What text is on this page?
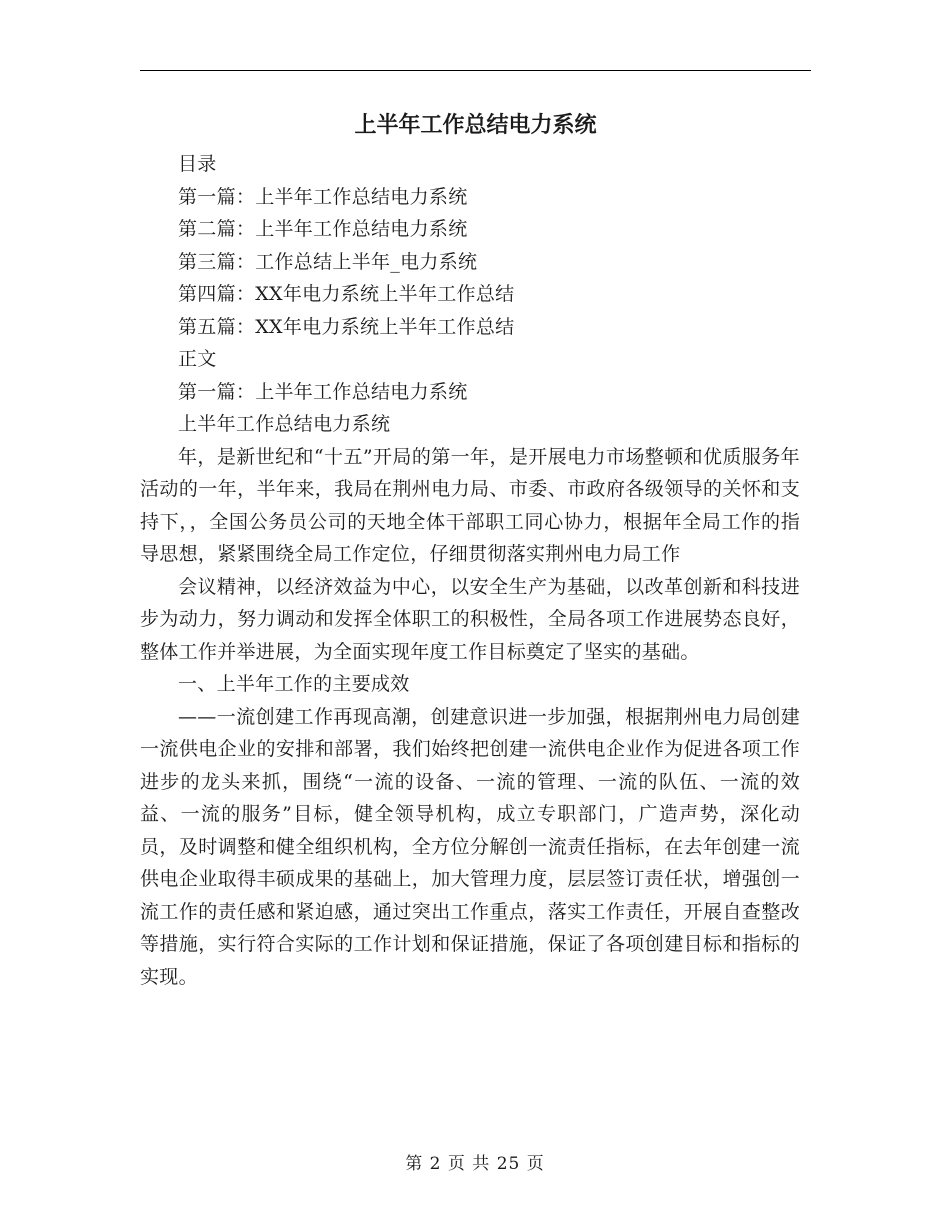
上半年工作总结电力系统

目录

第一篇：上半年工作总结电力系统

第二篇：上半年工作总结电力系统

第三篇：工作总结上半年_电力系统

第四篇：XX年电力系统上半年工作总结

第五篇：XX年电力系统上半年工作总结

正文

第一篇：上半年工作总结电力系统

上半年工作总结电力系统

年，是新世纪和“十五”开局的第一年，是开展电力市场整顿和优质服务年活动的一年，半年来，我局在荆州电力局、市委、市政府各级领导的关怀和支持下，，全国公务员公司的天地全体干部职工同心协力，根据年全局工作的指导思想，紧紧围绕全局工作定位，仔细贯彻落实荆州电力局工作

会议精神，以经济效益为中心，以安全生产为基础，以改革创新和科技进步为动力，努力调动和发挥全体职工的积极性，全局各项工作进展势态良好，整体工作并举进展，为全面实现年度工作目标奠定了坚实的基础。

一、上半年工作的主要成效

——一流创建工作再现高潮，创建意识进一步加强，根据荆州电力局创建一流供电企业的安排和部署，我们始终把创建一流供电企业作为促进各项工作进步的龙头来抓，围绕“一流的设备、一流的管理、一流的队伍、一流的效益、一流的服务”目标，健全领导机构，成立专职部门，广造声势，深化动员，及时调整和健全组织机构，全方位分解创一流责任指标，在去年创建一流供电企业取得丰硕成果的基础上，加大管理力度，层层签订责任状，增强创一流工作的责任感和紧迫感，通过突出工作重点，落实工作责任，开展自查整改等措施，实行符合实际的工作计划和保证措施，保证了各项创建目标和指标的实现。

第 2 页 共 25 页
